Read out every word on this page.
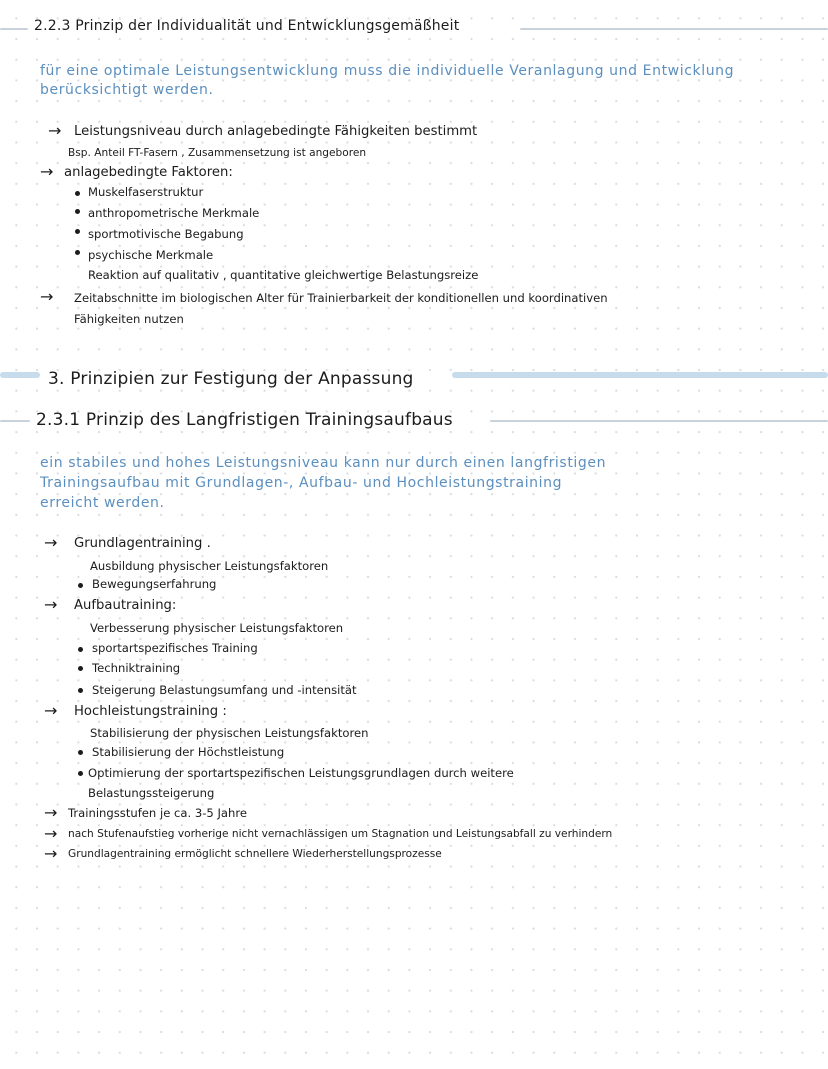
2.2.3 Prinzip der Individualität und Entwicklungsgemäßheit
für eine optimale Leistungsentwicklung muss die individuelle Veranlagung und Entwicklung
berücksichtigt werden.
→ Leistungsniveau durch anlagebedingte Fähigkeiten bestimmt
Bsp. Anteil FT-Fasern , Zusammensetzung ist angeboren
→ anlagebedingte Faktoren:
Muskelfaserstruktur
anthropometrische Merkmale
sportmotivische Begabung
psychische Merkmale
Reaktion auf qualitativ , quantitative gleichwertige Belastungsreize
→ Zeitabschnitte im biologischen Alter für Trainierbarkeit der konditionellen und koordinativen
Fähigkeiten nutzen
3. Prinzipien zur Festigung der Anpassung
2.3.1 Prinzip des Langfristigen Trainingsaufbaus
ein stabiles und hohes Leistungsniveau kann nur durch einen langfristigen
Trainingsaufbau mit Grundlagen-, Aufbau- und Hochleistungstraining
erreicht werden.
→ Grundlagentraining .
Ausbildung physischer Leistungsfaktoren
Bewegungserfahrung
→ Aufbautraining:
Verbesserung physischer Leistungsfaktoren
sportartspezifisches Training
Techniktraining
Steigerung Belastungsumfang und -intensität
→ Hochleistungstraining :
Stabilisierung der physischen Leistungsfaktoren
Stabilisierung der Höchstleistung
Optimierung der sportartspezifischen Leistungsgrundlagen durch weitere
Belastungssteigerung
→ Trainingsstufen je ca. 3-5 Jahre
→ nach Stufenaufstieg vorherige nicht vernachlässigen um Stagnation und Leistungsabfall zu verhindern
→ Grundlagentraining ermöglicht schnellere Wiederherstellungsprozesse
